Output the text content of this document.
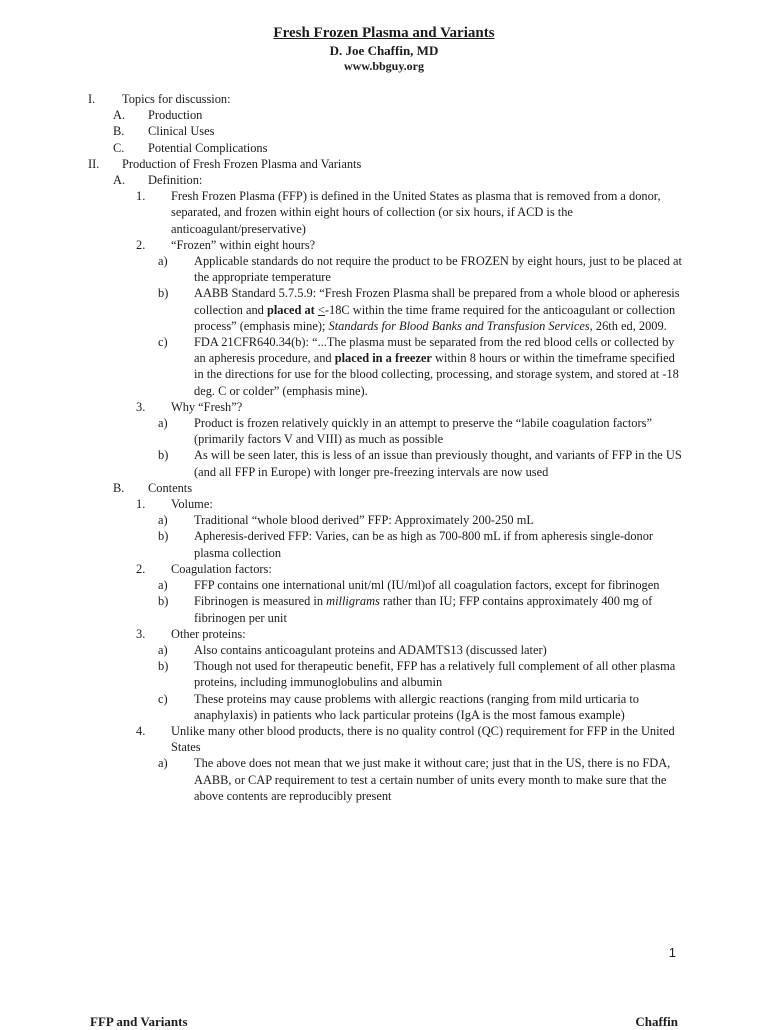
Fresh Frozen Plasma and Variants
D. Joe Chaffin, MD
www.bbguy.org
I. Topics for discussion:
A. Production
B. Clinical Uses
C. Potential Complications
II. Production of Fresh Frozen Plasma and Variants
A. Definition:
1. Fresh Frozen Plasma (FFP) is defined in the United States as plasma that is removed from a donor, separated, and frozen within eight hours of collection (or six hours, if ACD is the anticoagulant/preservative)
2. “Frozen” within eight hours?
a) Applicable standards do not require the product to be FROZEN by eight hours, just to be placed at the appropriate temperature
b) AABB Standard 5.7.5.9: “Fresh Frozen Plasma shall be prepared from a whole blood or apheresis collection and placed at <-18C within the time frame required for the anticoagulant or collection process” (emphasis mine); Standards for Blood Banks and Transfusion Services, 26th ed, 2009.
c) FDA 21CFR640.34(b): “...The plasma must be separated from the red blood cells or collected by an apheresis procedure, and placed in a freezer within 8 hours or within the timeframe specified in the directions for use for the blood collecting, processing, and storage system, and stored at -18 deg. C or colder” (emphasis mine).
3. Why “Fresh”?
a) Product is frozen relatively quickly in an attempt to preserve the “labile coagulation factors” (primarily factors V and VIII) as much as possible
b) As will be seen later, this is less of an issue than previously thought, and variants of FFP in the US (and all FFP in Europe) with longer pre-freezing intervals are now used
B. Contents
1. Volume:
a) Traditional “whole blood derived” FFP: Approximately 200-250 mL
b) Apheresis-derived FFP: Varies, can be as high as 700-800 mL if from apheresis single-donor plasma collection
2. Coagulation factors:
a) FFP contains one international unit/ml (IU/ml)of all coagulation factors, except for fibrinogen
b) Fibrinogen is measured in milligrams rather than IU; FFP contains approximately 400 mg of fibrinogen per unit
3. Other proteins:
a) Also contains anticoagulant proteins and ADAMTS13 (discussed later)
b) Though not used for therapeutic benefit, FFP has a relatively full complement of all other plasma proteins, including immunoglobulins and albumin
c) These proteins may cause problems with allergic reactions (ranging from mild urticaria to anaphylaxis) in patients who lack particular proteins (IgA is the most famous example)
4. Unlike many other blood products, there is no quality control (QC) requirement for FFP in the United States
a) The above does not mean that we just make it without care; just that in the US, there is no FDA, AABB, or CAP requirement to test a certain number of units every month to make sure that the above contents are reproducibly present
1
FFP and Variants	Chaffin
